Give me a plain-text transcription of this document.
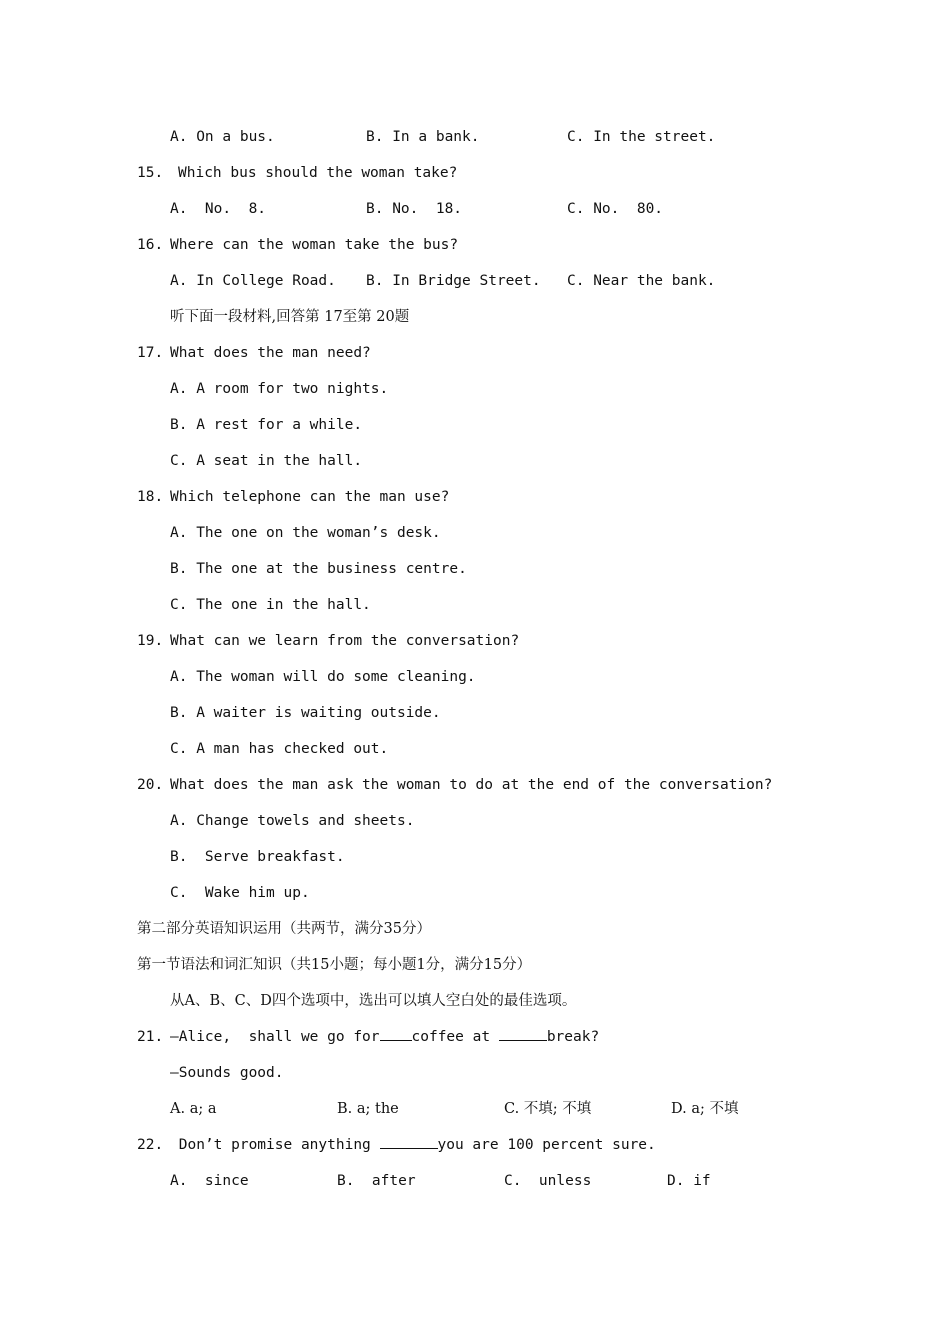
A. On a bus.	B. In a bank.	C. In the street.
15. Which bus should the woman take?
A.  No.  8.	B. No.  18.	C. No.  80.
16. Where can the woman take the bus?
A. In College Road. B. In Bridge Street. C. Near the bank.
听下面一段材料,回答第 17至第 20题
17. What does the man need?
A. A room for two nights.
B. A rest for a while.
C. A seat in the hall.
18. Which telephone can the man use?
A. The one on the woman’s desk.
B. The one at the business centre.
C. The one in the hall.
19. What can we learn from the conversation?
A. The woman will do some cleaning.
B. A waiter is waiting outside.
C. A man has checked out.
20. What does the man ask the woman to do at the end of the conversation?
A. Change towels and sheets.
B.  Serve breakfast.
C.  Wake him up.
第二部分英语知识运用（共两节，满分35分）
第一节语法和词汇知识（共15小题；每小题1分，满分15分）
从A、B、C、D四个选项中，选出可以填人空白处的最佳选项。
21. —Alice,  shall we go for coffee at	break?
—Sounds good.
A. a; a	B. a; the	C. 不填; 不填	D. a; 不填
22. Don’t promise anything	you are 100 percent sure.
A.  since	B.  after	C.  unless	D. if
